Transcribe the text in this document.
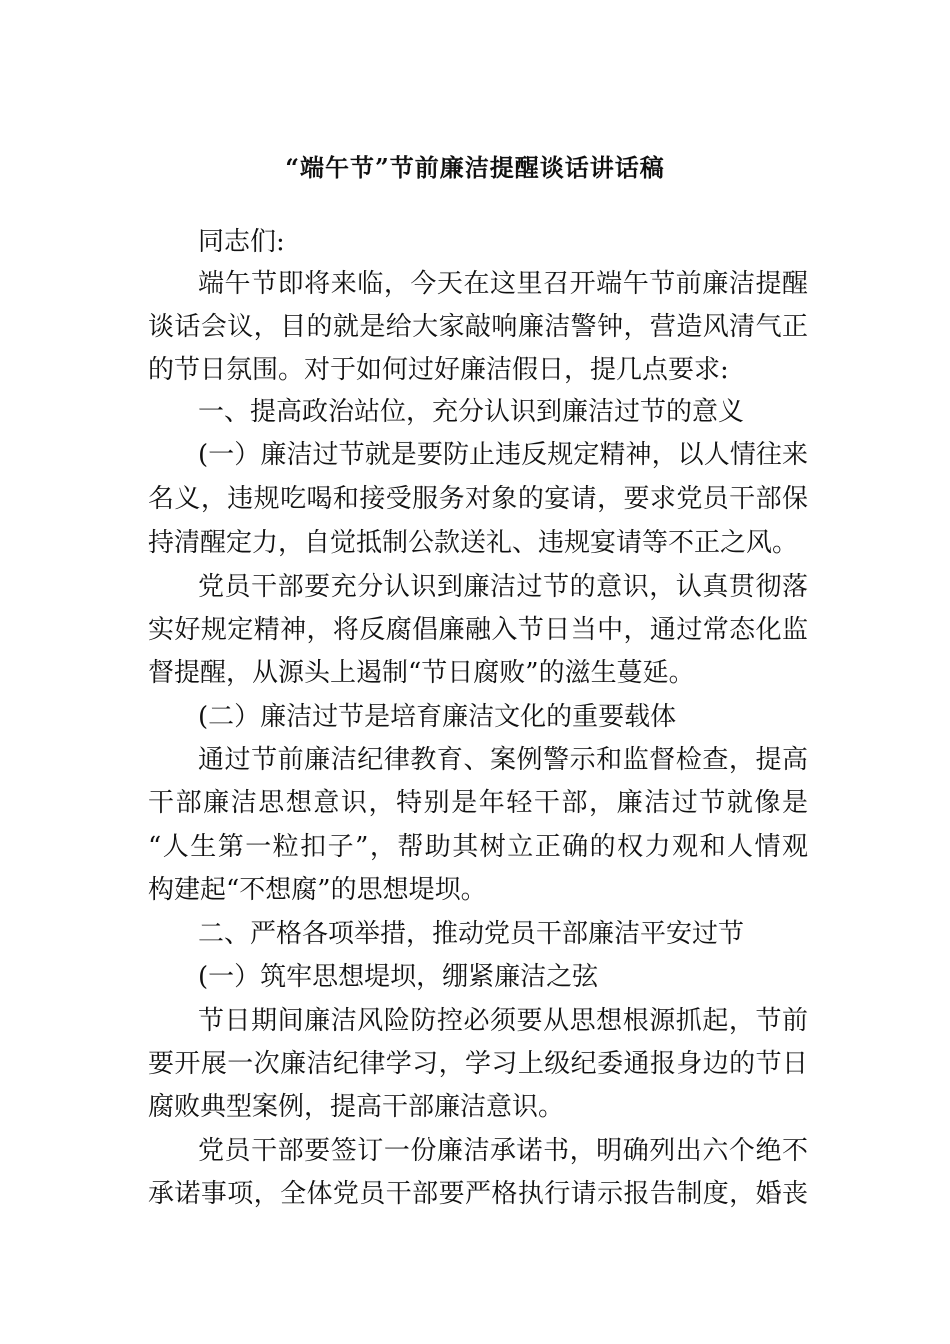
“端午节”节前廉洁提醒谈话讲话稿
同志们:
端午节即将来临，今天在这里召开端午节前廉洁提醒
谈话会议，目的就是给大家敲响廉洁警钟，营造风清气正
的节日氛围。对于如何过好廉洁假日，提几点要求:
一、提高政治站位，充分认识到廉洁过节的意义
(一）廉洁过节就是要防止违反规定精神，以人情往来
名义，违规吃喝和接受服务对象的宴请，要求党员干部保
持清醒定力，自觉抵制公款送礼、违规宴请等不正之风。
党员干部要充分认识到廉洁过节的意识，认真贯彻落
实好规定精神，将反腐倡廉融入节日当中，通过常态化监
督提醒，从源头上遏制“节日腐败”的滋生蔓延。
(二）廉洁过节是培育廉洁文化的重要载体
通过节前廉洁纪律教育、案例警示和监督检查，提高
干部廉洁思想意识，特别是年轻干部，廉洁过节就像是
“人生第一粒扣子”，帮助其树立正确的权力观和人情观
构建起“不想腐”的思想堤坝。
二、严格各项举措，推动党员干部廉洁平安过节
(一）筑牢思想堤坝，绷紧廉洁之弦
节日期间廉洁风险防控必须要从思想根源抓起，节前
要开展一次廉洁纪律学习，学习上级纪委通报身边的节日
腐败典型案例，提高干部廉洁意识。
党员干部要签订一份廉洁承诺书，明确列出六个绝不
承诺事项，全体党员干部要严格执行请示报告制度，婚丧
